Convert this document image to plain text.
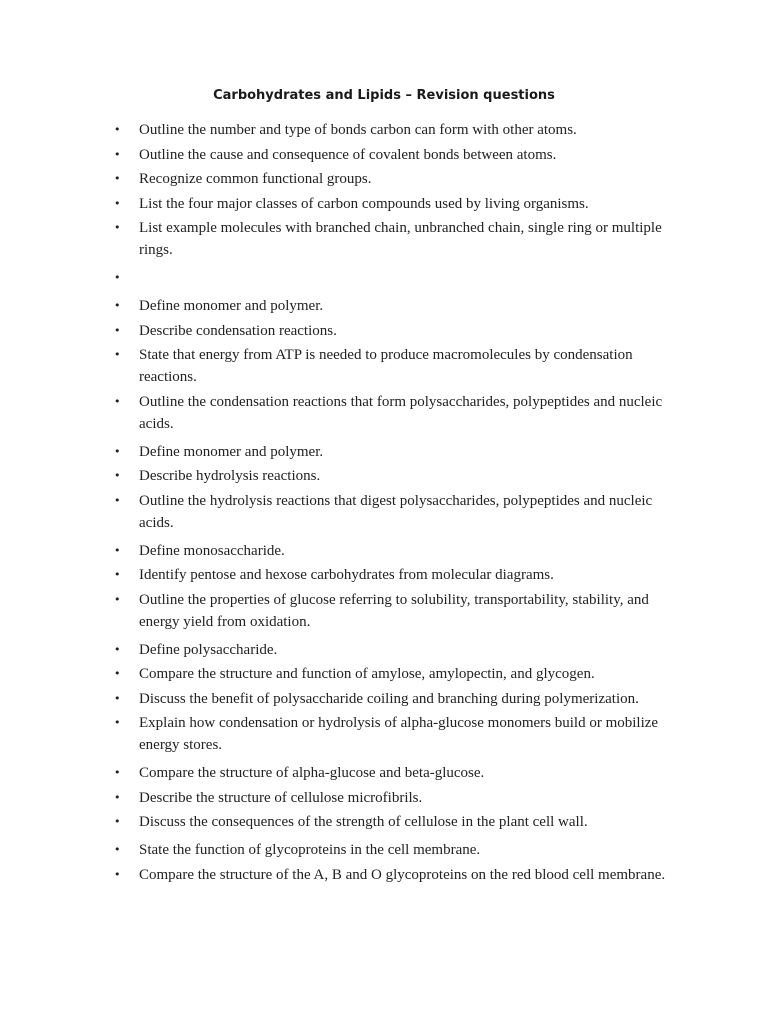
Carbohydrates and Lipids – Revision questions
• Outline the number and type of bonds carbon can form with other atoms.
• Outline the cause and consequence of covalent bonds between atoms.
• Recognize common functional groups.
• List the four major classes of carbon compounds used by living organisms.
• List example molecules with branched chain, unbranched chain, single ring or multiple rings.
•
• Define monomer and polymer.
• Describe condensation reactions.
• State that energy from ATP is needed to produce macromolecules by condensation reactions.
• Outline the condensation reactions that form polysaccharides, polypeptides and nucleic acids.
• Define monomer and polymer.
• Describe hydrolysis reactions.
• Outline the hydrolysis reactions that digest polysaccharides, polypeptides and nucleic acids.
• Define monosaccharide.
• Identify pentose and hexose carbohydrates from molecular diagrams.
• Outline the properties of glucose referring to solubility, transportability, stability, and energy yield from oxidation.
• Define polysaccharide.
• Compare the structure and function of amylose, amylopectin, and glycogen.
• Discuss the benefit of polysaccharide coiling and branching during polymerization.
• Explain how condensation or hydrolysis of alpha-glucose monomers build or mobilize energy stores.
• Compare the structure of alpha-glucose and beta-glucose.
• Describe the structure of cellulose microfibrils.
• Discuss the consequences of the strength of cellulose in the plant cell wall.
• State the function of glycoproteins in the cell membrane.
• Compare the structure of the A, B and O glycoproteins on the red blood cell membrane.
